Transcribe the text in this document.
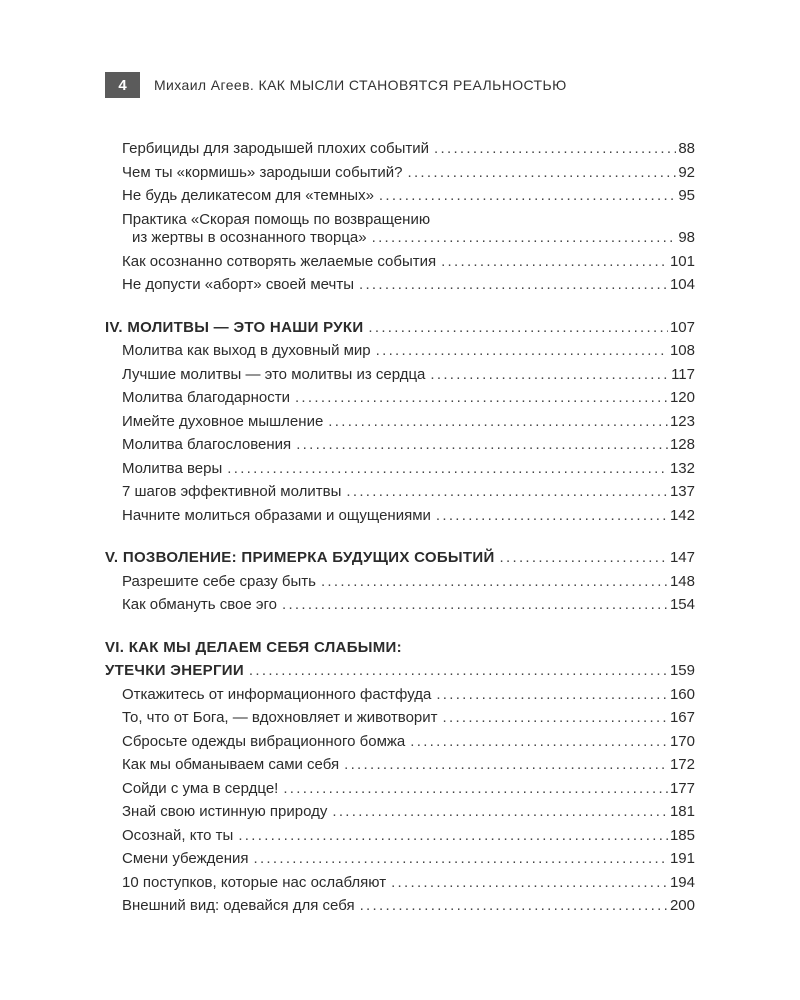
4	Михаил Агеев. КАК МЫСЛИ СТАНОВЯТСЯ РЕАЛЬНОСТЬЮ
Гербициды для зародышей плохих событий .....	88
Чем ты «кормишь» зародыши событий? .....	92
Не будь деликатесом для «темных» .....	95
Практика «Скорая помощь по возвращению
из жертвы в осознанного творца» .....	98
Как осознанно сотворять желаемые события .....	101
Не допусти «аборт» своей мечты .....	104
IV. МОЛИТВЫ — ЭТО НАШИ РУКИ .....	107
Молитва как выход в духовный мир .....	108
Лучшие молитвы — это молитвы из сердца .....	117
Молитва благодарности .....	120
Имейте духовное мышление .....	123
Молитва благословения .....	128
Молитва веры .....	132
7 шагов эффективной молитвы .....	137
Начните молиться образами и ощущениями .....	142
V. ПОЗВОЛЕНИЕ: ПРИМЕРКА БУДУЩИХ СОБЫТИЙ .....	147
Разрешите себе сразу быть .....	148
Как обмануть свое эго .....	154
VI. КАК МЫ ДЕЛАЕМ СЕБЯ СЛАБЫМИ:
УТЕЧКИ ЭНЕРГИИ .....	159
Откажитесь от информационного фастфуда .....	160
То, что от Бога, — вдохновляет и животворит .....	167
Сбросьте одежды вибрационного бомжа .....	170
Как мы обманываем сами себя .....	172
Сойди с ума в сердце! .....	177
Знай свою истинную природу .....	181
Осознай, кто ты .....	185
Смени убеждения .....	191
10 поступков, которые нас ослабляют .....	194
Внешний вид: одевайся для себя .....	200
